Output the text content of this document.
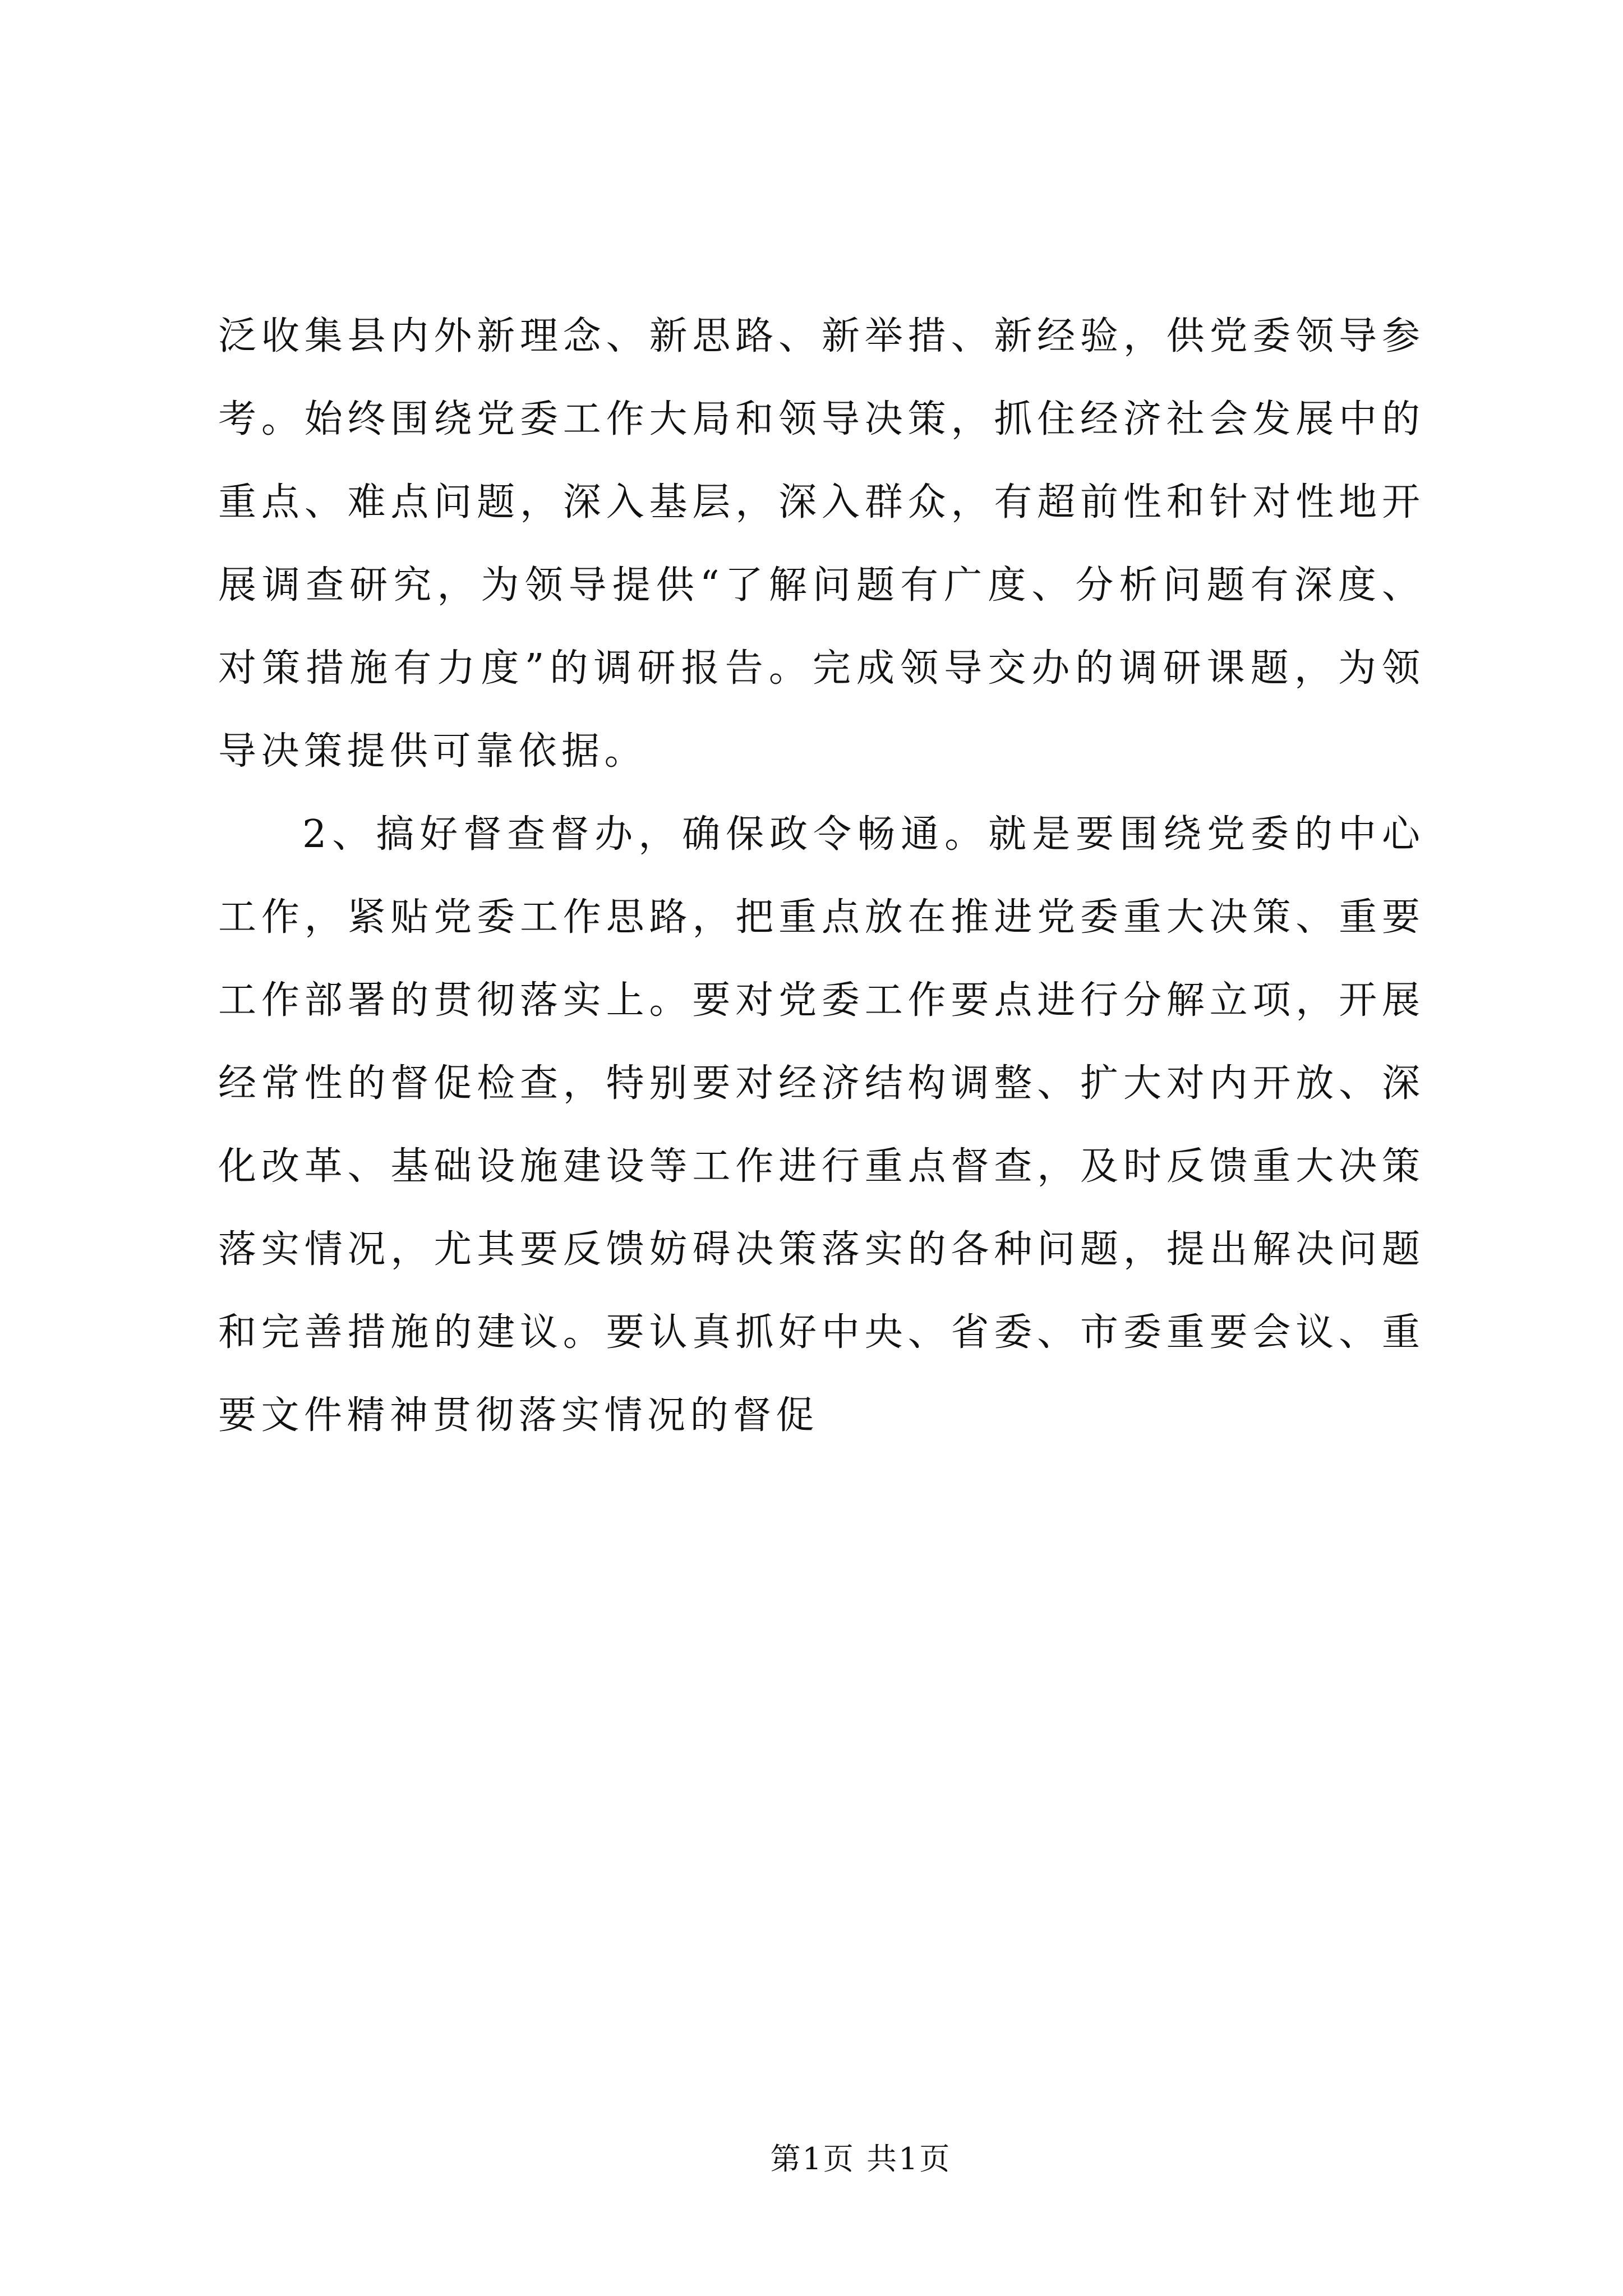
泛收集县内外新理念、新思路、新举措、新经验，供党委领导参
考。始终围绕党委工作大局和领导决策，抓住经济社会发展中的
重点、难点问题，深入基层，深入群众，有超前性和针对性地开
展调查研究，为领导提供“了解问题有广度、分析问题有深度、
对策措施有力度”的调研报告。完成领导交办的调研课题，为领
导决策提供可靠依据。
2、搞好督查督办，确保政令畅通。就是要围绕党委的中心
工作，紧贴党委工作思路，把重点放在推进党委重大决策、重要
工作部署的贯彻落实上。要对党委工作要点进行分解立项，开展
经常性的督促检查，特别要对经济结构调整、扩大对内开放、深
化改革、基础设施建设等工作进行重点督查，及时反馈重大决策
落实情况，尤其要反馈妨碍决策落实的各种问题，提出解决问题
和完善措施的建议。要认真抓好中央、省委、市委重要会议、重
要文件精神贯彻落实情况的督促
第1页 共1页
